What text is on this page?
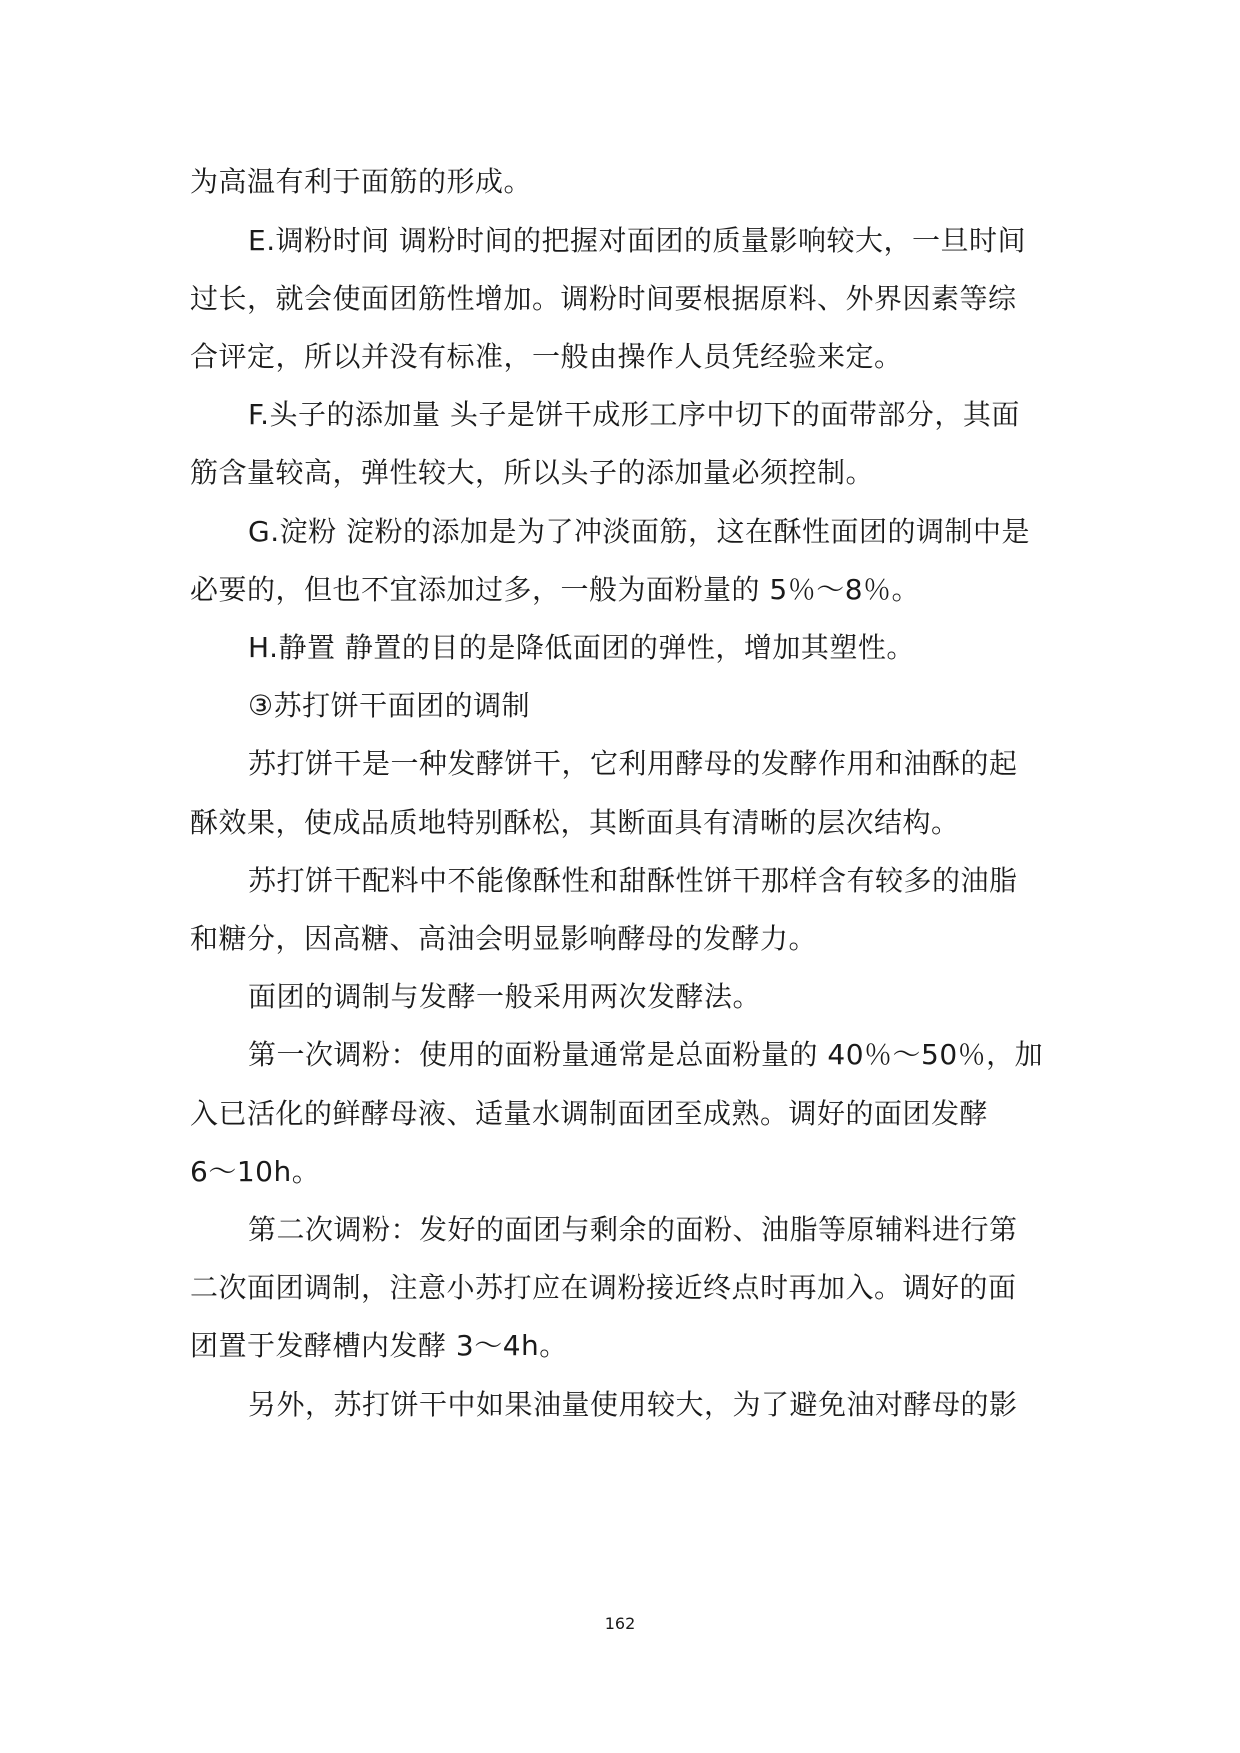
为高温有利于面筋的形成。
E.调粉时间 调粉时间的把握对面团的质量影响较大，一旦时间
过长，就会使面团筋性增加。调粉时间要根据原料、外界因素等综
合评定，所以并没有标准，一般由操作人员凭经验来定。
F.头子的添加量 头子是饼干成形工序中切下的面带部分，其面
筋含量较高，弹性较大，所以头子的添加量必须控制。
G.淀粉 淀粉的添加是为了冲淡面筋，这在酥性面团的调制中是
必要的，但也不宜添加过多，一般为面粉量的 5％～8％。
H.静置 静置的目的是降低面团的弹性，增加其塑性。
③苏打饼干面团的调制
苏打饼干是一种发酵饼干，它利用酵母的发酵作用和油酥的起
酥效果，使成品质地特别酥松，其断面具有清晰的层次结构。
苏打饼干配料中不能像酥性和甜酥性饼干那样含有较多的油脂
和糖分，因高糖、高油会明显影响酵母的发酵力。
面团的调制与发酵一般采用两次发酵法。
第一次调粉：使用的面粉量通常是总面粉量的 40％～50％，加
入已活化的鲜酵母液、适量水调制面团至成熟。调好的面团发酵
6～10h。
第二次调粉：发好的面团与剩余的面粉、油脂等原辅料进行第
二次面团调制，注意小苏打应在调粉接近终点时再加入。调好的面
团置于发酵槽内发酵 3～4h。
另外，苏打饼干中如果油量使用较大，为了避免油对酵母的影
162
